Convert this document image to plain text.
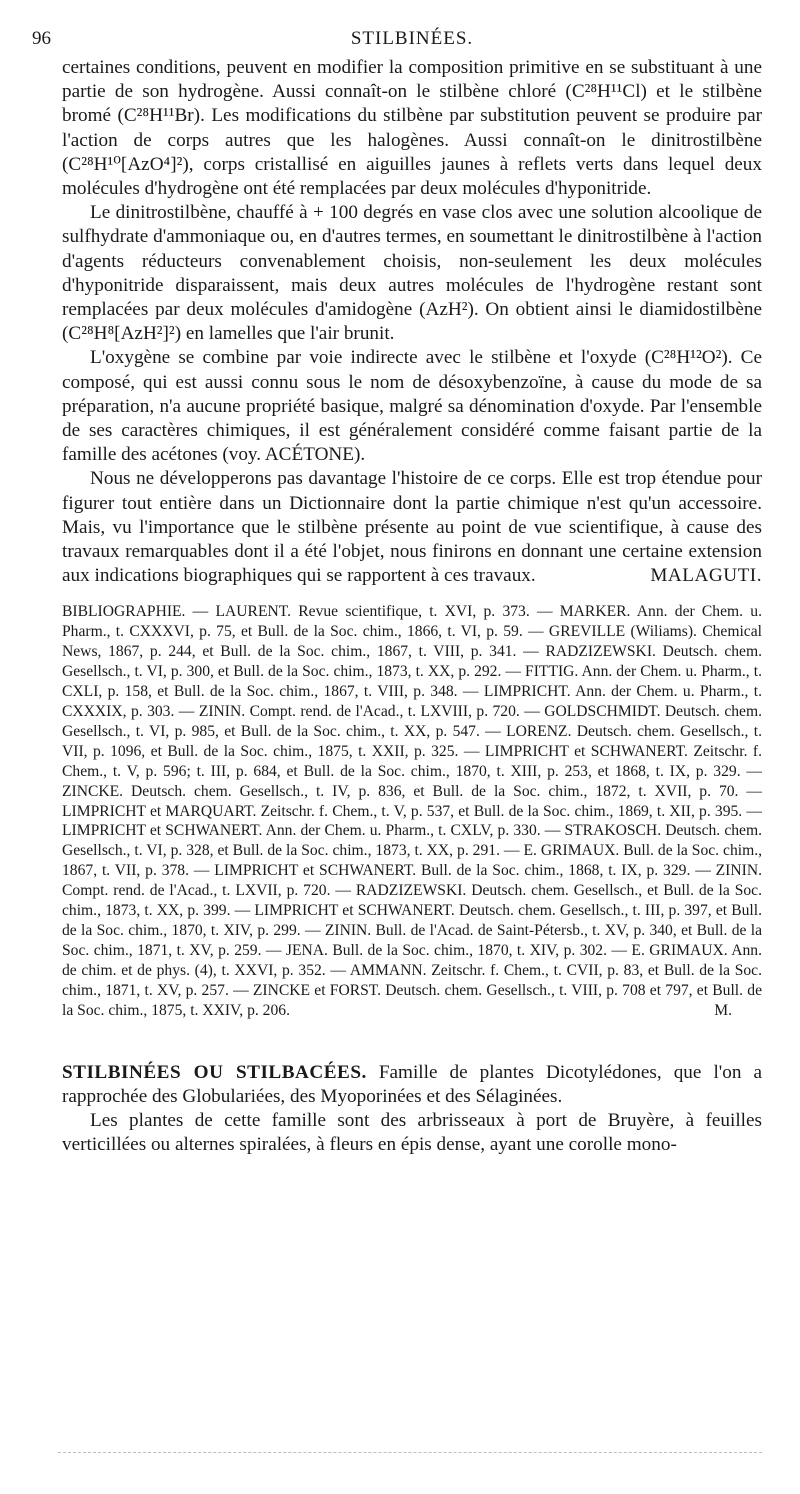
96	STILBINÉES.

certaines conditions, peuvent en modifier la composition primitive en se substituant à une partie de son hydrogène. Aussi connaît-on le stilbène chloré (C²⁸H¹¹Cl) et le stilbène bromé (C²⁸H¹¹Br). Les modifications du stilbène par substitution peuvent se produire par l'action de corps autres que les halogènes. Aussi connaît-on le dinitrostilbène (C²⁸H¹⁰[AzO⁴]²), corps cristallisé en aiguilles jaunes à reflets verts dans lequel deux molécules d'hydrogène ont été remplacées par deux molécules d'hyponitride.

Le dinitrostilbène, chauffé à + 100 degrés en vase clos avec une solution alcoolique de sulfhydrate d'ammoniaque ou, en d'autres termes, en soumettant le dinitrostilbène à l'action d'agents réducteurs convenablement choisis, non-seulement les deux molécules d'hyponitride disparaissent, mais deux autres molécules de l'hydrogène restant sont remplacées par deux molécules d'amidogène (AzH²). On obtient ainsi le diamidostilbène (C²⁸H⁸[AzH²]²) en lamelles que l'air brunit.

L'oxygène se combine par voie indirecte avec le stilbène et l'oxyde (C²⁸H¹²O²). Ce composé, qui est aussi connu sous le nom de désoxybenzoïne, à cause du mode de sa préparation, n'a aucune propriété basique, malgré sa dénomination d'oxyde. Par l'ensemble de ses caractères chimiques, il est généralement considéré comme faisant partie de la famille des acétones (voy. ACÉTONE).

Nous ne développerons pas davantage l'histoire de ce corps. Elle est trop étendue pour figurer tout entière dans un Dictionnaire dont la partie chimique n'est qu'un accessoire. Mais, vu l'importance que le stilbène présente au point de vue scientifique, à cause des travaux remarquables dont il a été l'objet, nous finirons en donnant une certaine extension aux indications biographiques qui se rapportent à ces travaux.	MALAGUTI.

BIBLIOGRAPHIE. — LAURENT. Revue scientifique, t. XVI, p. 373. — MARKER. Ann. der Chem. u. Pharm., t. CXXXVI, p. 75, et Bull. de la Soc. chim., 1866, t. VI, p. 59. — GREVILLE (Wiliams). Chemical News, 1867, p. 244, et Bull. de la Soc. chim., 1867, t. VIII, p. 341. — RADZIZEWSKI. Deutsch. chem. Gesellsch., t. VI, p. 300, et Bull. de la Soc. chim., 1873, t. XX, p. 292. — FITTIG. Ann. der Chem. u. Pharm., t. CXLI, p. 158, et Bull. de la Soc. chim., 1867, t. VIII, p. 348. — LIMPRICHT. Ann. der Chem. u. Pharm., t. CXXXIX, p. 303. — ZININ. Compt. rend. de l'Acad., t. LXVIII, p. 720. — GOLDSCHMIDT. Deutsch. chem. Gesellsch., t. VI, p. 985, et Bull. de la Soc. chim., t. XX, p. 547. — LORENZ. Deutsch. chem. Gesellsch., t. VII, p. 1096, et Bull. de la Soc. chim., 1875, t. XXII, p. 325. — LIMPRICHT et SCHWANERT. Zeitschr. f. Chem., t. V, p. 596; t. III, p. 684, et Bull. de la Soc. chim., 1870, t. XIII, p. 253, et 1868, t. IX, p. 329. — ZINCKE. Deutsch. chem. Gesellsch., t. IV, p. 836, et Bull. de la Soc. chim., 1872, t. XVII, p. 70. — LIMPRICHT et MARQUART. Zeitschr. f. Chem., t. V, p. 537, et Bull. de la Soc. chim., 1869, t. XII, p. 395. — LIMPRICHT et SCHWANERT. Ann. der Chem. u. Pharm., t. CXLV, p. 330. — STRAKOSCH. Deutsch. chem. Gesellsch., t. VI, p. 328, et Bull. de la Soc. chim., 1873, t. XX, p. 291. — E. GRIMAUX. Bull. de la Soc. chim., 1867, t. VII, p. 378. — LIMPRICHT et SCHWANERT. Bull. de la Soc. chim., 1868, t. IX, p. 329. — ZININ. Compt. rend. de l'Acad., t. LXVII, p. 720. — RADZIZEWSKI. Deutsch. chem. Gesellsch., et Bull. de la Soc. chim., 1873, t. XX, p. 399. — LIMPRICHT et SCHWANERT. Deutsch. chem. Gesellsch., t. III, p. 397, et Bull. de la Soc. chim., 1870, t. XIV, p. 299. — ZININ. Bull. de l'Acad. de Saint-Pétersb., t. XV, p. 340, et Bull. de la Soc. chim., 1871, t. XV, p. 259. — JENA. Bull. de la Soc. chim., 1870, t. XIV, p. 302. — E. GRIMAUX. Ann. de chim. et de phys. (4), t. XXVI, p. 352. — AMMANN. Zeitschr. f. Chem., t. CVII, p. 83, et Bull. de la Soc. chim., 1871, t. XV, p. 257. — ZINCKE et FORST. Deutsch. chem. Gesellsch., t. VIII, p. 708 et 797, et Bull. de la Soc. chim., 1875, t. XXIV, p. 206.	M.

STILBINÉES OU STILBACÉES. Famille de plantes Dicotylédones, que l'on a rapprochée des Globulariées, des Myoporinées et des Sélaginées.

Les plantes de cette famille sont des arbrisseaux à port de Bruyère, à feuilles verticillées ou alternes spiralées, à fleurs en épis dense, ayant une corolle mono-
